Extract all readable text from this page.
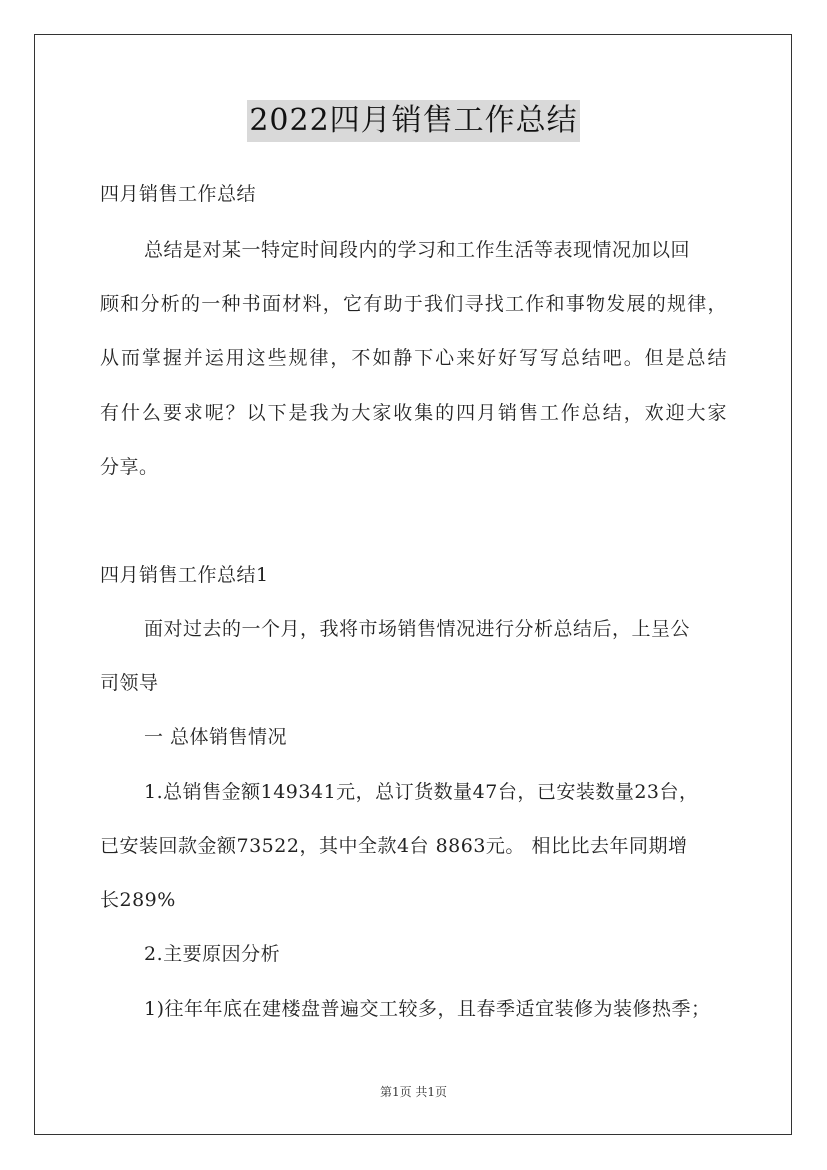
2022四月销售工作总结
四月销售工作总结
总结是对某一特定时间段内的学习和工作生活等表现情况加以回
顾和分析的一种书面材料，它有助于我们寻找工作和事物发展的规律，
从而掌握并运用这些规律，不如静下心来好好写写总结吧。但是总结
有什么要求呢？以下是我为大家收集的四月销售工作总结，欢迎大家
分享。
四月销售工作总结1
面对过去的一个月，我将市场销售情况进行分析总结后，上呈公
司领导
一 总体销售情况
1.总销售金额149341元，总订货数量47台，已安装数量23台，
已安装回款金额73522，其中全款4台 8863元。 相比比去年同期增
长289%
2.主要原因分析
1)往年年底在建楼盘普遍交工较多，且春季适宜装修为装修热季；
第1页 共1页
